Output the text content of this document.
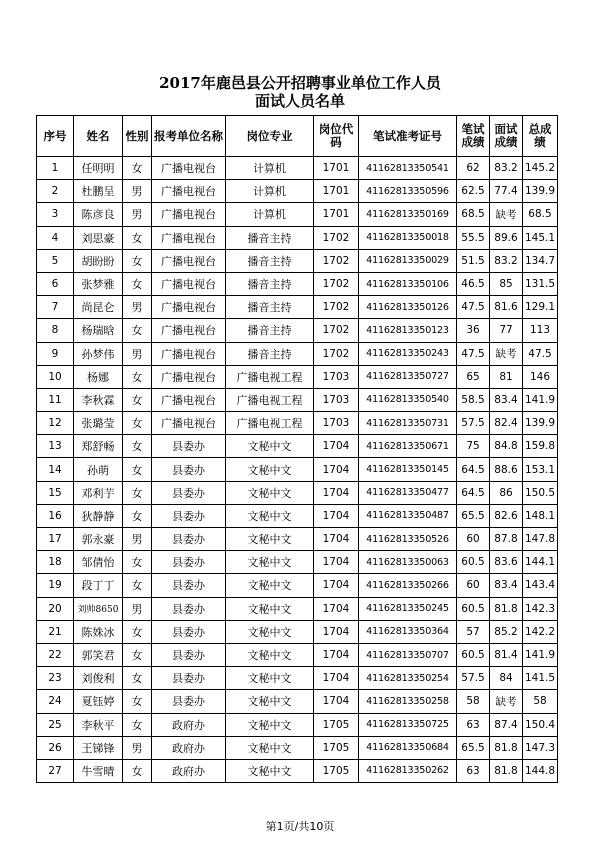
2017年鹿邑县公开招聘事业单位工作人员
面试人员名单
序号	姓名	性别	报考单位名称	岗位专业	岗位代码	笔试准考证号	笔试成绩	面试成绩	总成绩
1	任明明	女	广播电视台	计算机	1701	41162813350541	62	83.2	145.2
2	杜鹏呈	男	广播电视台	计算机	1701	41162813350596	62.5	77.4	139.9
3	陈彦良	男	广播电视台	计算机	1701	41162813350169	68.5	缺考	68.5
4	刘思豪	女	广播电视台	播音主持	1702	41162813350018	55.5	89.6	145.1
5	胡盼盼	女	广播电视台	播音主持	1702	41162813350029	51.5	83.2	134.7
6	张梦雅	女	广播电视台	播音主持	1702	41162813350106	46.5	85	131.5
7	尚昆仑	男	广播电视台	播音主持	1702	41162813350126	47.5	81.6	129.1
8	杨瑞晗	女	广播电视台	播音主持	1702	41162813350123	36	77	113
9	孙梦伟	男	广播电视台	播音主持	1702	41162813350243	47.5	缺考	47.5
10	杨娜	女	广播电视台	广播电视工程	1703	41162813350727	65	81	146
11	李秋霖	女	广播电视台	广播电视工程	1703	41162813350540	58.5	83.4	141.9
12	张璐莹	女	广播电视台	广播电视工程	1703	41162813350731	57.5	82.4	139.9
13	郑舒畅	女	县委办	文秘中文	1704	41162813350671	75	84.8	159.8
14	孙萌	女	县委办	文秘中文	1704	41162813350145	64.5	88.6	153.1
15	邓利芋	女	县委办	文秘中文	1704	41162813350477	64.5	86	150.5
16	狄静静	女	县委办	文秘中文	1704	41162813350487	65.5	82.6	148.1
17	郭永豪	男	县委办	文秘中文	1704	41162813350526	60	87.8	147.8
18	邹倩怡	女	县委办	文秘中文	1704	41162813350063	60.5	83.6	144.1
19	段丁丁	女	县委办	文秘中文	1704	41162813350266	60	83.4	143.4
20	刘帅8650	男	县委办	文秘中文	1704	41162813350245	60.5	81.8	142.3
21	陈姝冰	女	县委办	文秘中文	1704	41162813350364	57	85.2	142.2
22	郭笑君	女	县委办	文秘中文	1704	41162813350707	60.5	81.4	141.9
23	刘俊利	女	县委办	文秘中文	1704	41162813350254	57.5	84	141.5
24	夏钰婷	女	县委办	文秘中文	1704	41162813350258	58	缺考	58
25	李秋平	女	政府办	文秘中文	1705	41162813350725	63	87.4	150.4
26	王锑锋	男	政府办	文秘中文	1705	41162813350684	65.5	81.8	147.3
27	牛雪晴	女	政府办	文秘中文	1705	41162813350262	63	81.8	144.8
第1页/共10页
